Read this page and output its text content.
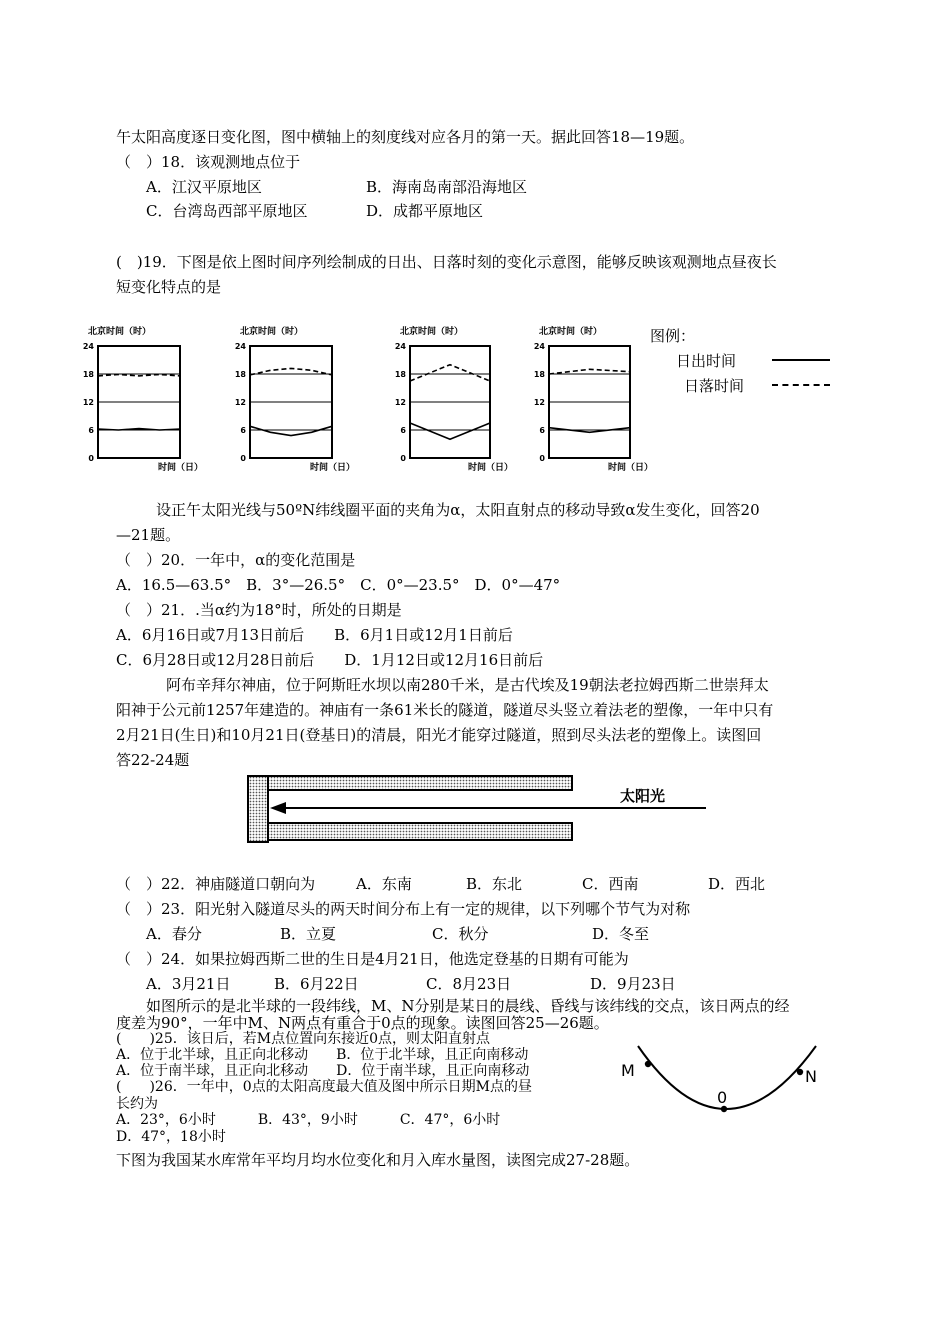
午太阳高度逐日变化图，图中横轴上的刻度线对应各月的第一天。据此回答18—19题。
（　）18．该观测地点位于
A．江汉平原地区	B．海南岛南部沿海地区
C．台湾岛西部平原地区	D．成都平原地区
(　)19．下图是依上图时间序列绘制成的日出、日落时刻的变化示意图，能够反映该观测地点昼夜长
短变化特点的是
24
18
12
6
0
北京时间（时）
时间（日）
24
18
12
6
0
北京时间（时）
时间（日）
24
18
12
6
0
北京时间（时）
时间（日）
24
18
12
6
0
北京时间（时）
时间（日）
图例：
日出时间
日落时间
设正午太阳光线与50ºN纬线圈平面的夹角为α，太阳直射点的移动导致α发生变化，回答20
—21题。
（　）20．一年中，α的变化范围是
A．16.5—63.5°　B．3°—26.5°　C．0°—23.5°　D．0°—47°
（　）21．.当α约为18°时，所处的日期是
A．6月16日或7月13日前后　　B．6月1日或12月1日前后
C．6月28日或12月28日前后　　D．1月12日或12月16日前后
阿布辛拜尔神庙，位于阿斯旺水坝以南280千米，是古代埃及19朝法老拉姆西斯二世崇拜太
阳神于公元前1257年建造的。神庙有一条61米长的隧道，隧道尽头竖立着法老的塑像，一年中只有
2月21日(生日)和10月21日(登基日)的清晨，阳光才能穿过隧道，照到尽头法老的塑像上。读图回
答22-24题
太阳光
（　）22．神庙隧道口朝向为	A．东南	B．东北	C．西南	D．西北
（　）23．阳光射入隧道尽头的两天时间分布上有一定的规律，以下列哪个节气为对称
A．春分	B．立夏	C．秋分	D．冬至
（　）24．如果拉姆西斯二世的生日是4月21日，他选定登基的日期有可能为
A．3月21日	B．6月22日	C．8月23日	D．9月23日
如图所示的是北半球的一段纬线，M、N分别是某日的晨线、昏线与该纬线的交点，该日两点的经
度差为90°，一年中M、N两点有重合于0点的现象。读图回答25—26题。
(　　)25．该日后，若M点位置向东接近0点，则太阳直射点
A．位于北半球，且正向北移动　　B．位于北半球，且正向南移动
A．位于南半球，且正向北移动　　D．位于南半球，且正向南移动
(　　)26．一年中，0点的太阳高度最大值及图中所示日期M点的昼
长约为
A．23°，6小时　　　B．43°，9小时　　　C．47°，6小时
D．47°，18小时
M	N
0
下图为我国某水库常年平均月均水位变化和月入库水量图，读图完成27-28题。
